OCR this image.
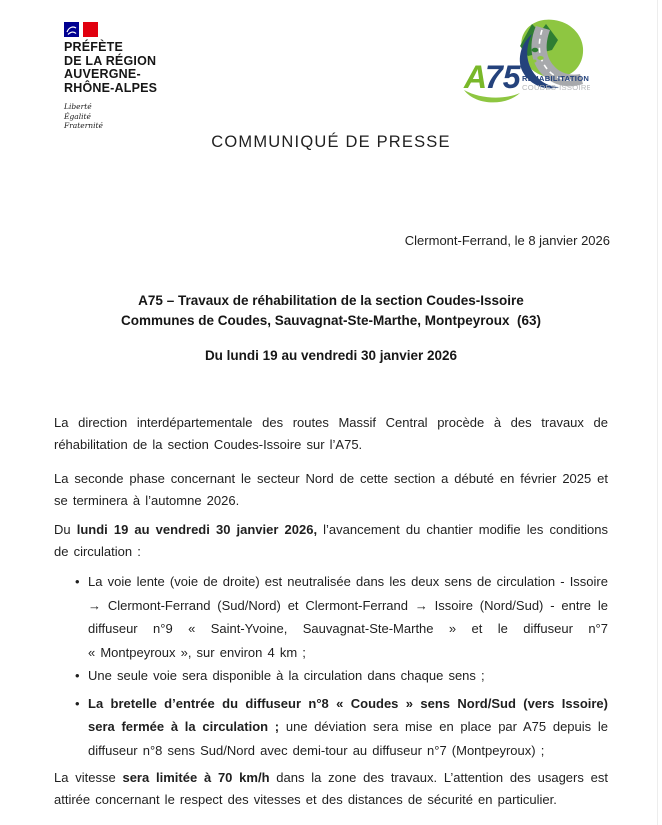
PRÉFÈTE
DE LA RÉGION
AUVERGNE-
RHÔNE-ALPES
Liberté
Égalité
Fraternité
A
75 RÉHABILITATION
COUDES-ISSOIRE
COMMUNIQUÉ DE PRESSE
Clermont-Ferrand, le 8 janvier 2026
A75 – Travaux de réhabilitation de la section Coudes-Issoire
Communes de Coudes, Sauvagnat-Ste-Marthe, Montpeyroux  (63)
Du lundi 19 au vendredi 30 janvier 2026

La direction interdépartementale des routes Massif Central procède à des travaux de réhabilitation de la section Coudes-Issoire sur l’A75.

La seconde phase concernant le secteur Nord de cette section a débuté en février 2025 et se terminera à l’automne 2026.

Du lundi 19 au vendredi 30 janvier 2026, l’avancement du chantier modifie les conditions de circulation :

• La voie lente (voie de droite) est neutralisée dans les deux sens de circulation - Issoire → Clermont-Ferrand (Sud/Nord) et Clermont-Ferrand → Issoire (Nord/Sud) - entre le diffuseur n°9 « Saint-Yvoine, Sauvagnat-Ste-Marthe » et le diffuseur n°7 « Montpeyroux », sur environ 4 km ;
• Une seule voie sera disponible à la circulation dans chaque sens ;
• La bretelle d’entrée du diffuseur n°8 « Coudes » sens Nord/Sud (vers Issoire) sera fermée à la circulation ; une déviation sera mise en place par A75 depuis le diffuseur n°8 sens Sud/Nord avec demi-tour au diffuseur n°7 (Montpeyroux) ;

La vitesse sera limitée à 70 km/h dans la zone des travaux. L’attention des usagers est attirée concernant le respect des vitesses et des distances de sécurité en particulier.
